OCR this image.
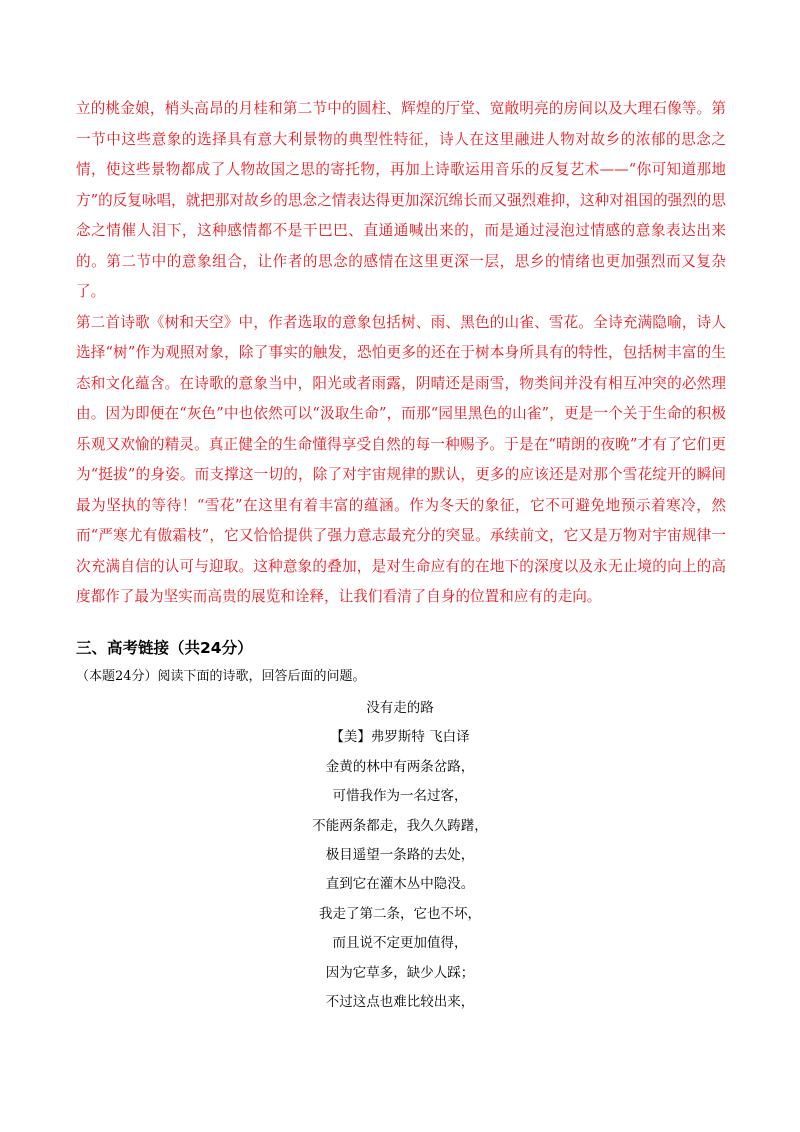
立的桃金娘，梢头高昂的月桂和第二节中的圆柱、辉煌的厅堂、宽敞明亮的房间以及大理石像等。第一节中这些意象的选择具有意大利景物的典型性特征，诗人在这里融进人物对故乡的浓郁的思念之情，使这些景物都成了人物故国之思的寄托物，再加上诗歌运用音乐的反复艺术——“你可知道那地方”的反复咏唱，就把那对故乡的思念之情表达得更加深沉绵长而又强烈难抑，这种对祖国的强烈的思念之情催人泪下，这种感情都不是干巴巴、直通通喊出来的，而是通过浸泡过情感的意象表达出来的。第二节中的意象组合，让作者的思念的感情在这里更深一层，思乡的情绪也更加强烈而又复杂了。

第二首诗歌《树和天空》中，作者选取的意象包括树、雨、黑色的山雀、雪花。全诗充满隐喻，诗人选择“树”作为观照对象，除了事实的触发，恐怕更多的还在于树本身所具有的特性，包括树丰富的生态和文化蕴含。在诗歌的意象当中，阳光或者雨露，阴晴还是雨雪，物类间并没有相互冲突的必然理由。因为即便在“灰色”中也依然可以“汲取生命”，而那“园里黑色的山雀”，更是一个关于生命的积极乐观又欢愉的精灵。真正健全的生命懂得享受自然的每一种赐予。于是在“晴朗的夜晚”才有了它们更为“挺拔”的身姿。而支撑这一切的，除了对宇宙规律的默认，更多的应该还是对那个雪花绽开的瞬间最为坚执的等待！“雪花”在这里有着丰富的蕴涵。作为冬天的象征，它不可避免地预示着寒冷，然而“严寒尤有傲霜枝”，它又恰恰提供了强力意志最充分的突显。承续前文，它又是万物对宇宙规律一次充满自信的认可与迎取。这种意象的叠加，是对生命应有的在地下的深度以及永无止境的向上的高度都作了最为坚实而高贵的展览和诠释，让我们看清了自身的位置和应有的走向。

三、高考链接（共24分）
（本题24分）阅读下面的诗歌，回答后面的问题。
没有走的路
【美】弗罗斯特 飞白译
金黄的林中有两条岔路，
可惜我作为一名过客，
不能两条都走，我久久踌躇，
极目遥望一条路的去处，
直到它在灌木丛中隐没。
我走了第二条，它也不坏，
而且说不定更加值得，
因为它草多，缺少人踩；
不过这点也难比较出来，
